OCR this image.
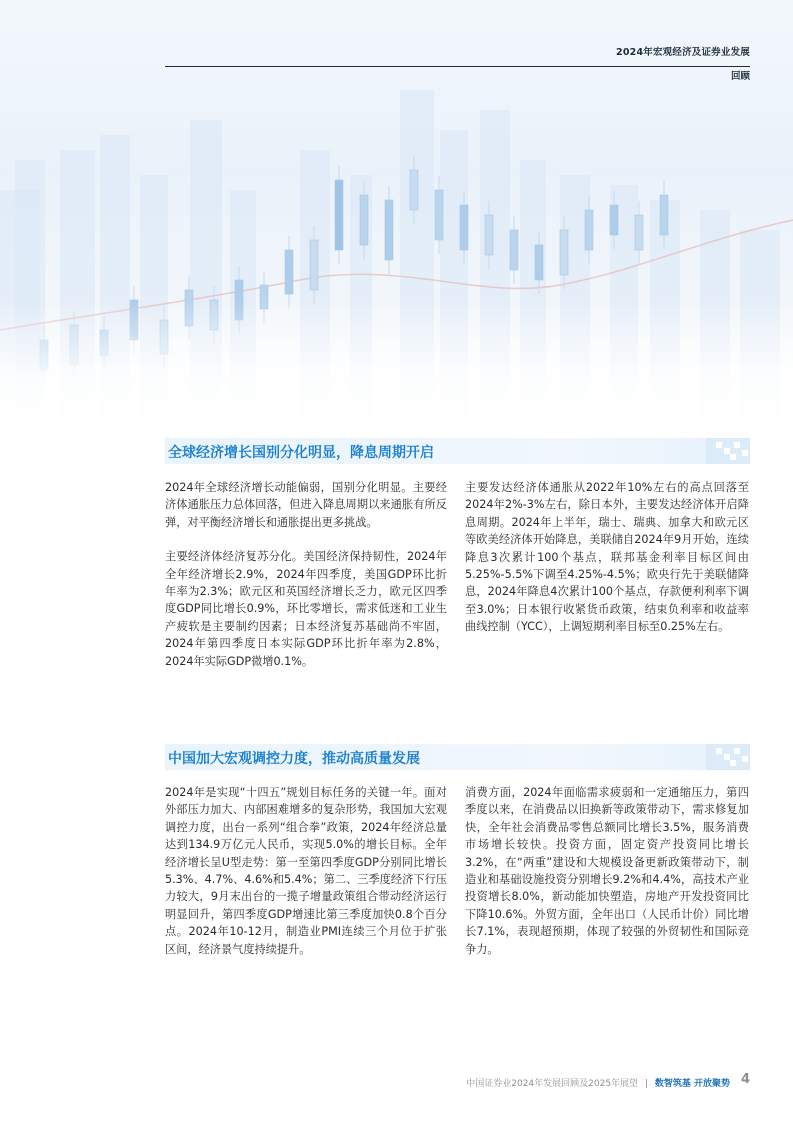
2024年宏观经济及证券业发展
回顾
全球经济增长国别分化明显，降息周期开启

2024年全球经济增长动能偏弱，国别分化明显。主要经济体通胀压力总体回落，但进入降息周期以来通胀有所反弹，对平衡经济增长和通胀提出更多挑战。

主要经济体经济复苏分化。美国经济保持韧性，2024年全年经济增长2.9%，2024年四季度，美国GDP环比折年率为2.3%；欧元区和英国经济增长乏力，欧元区四季度GDP同比增长0.9%，环比零增长，需求低迷和工业生产疲软是主要制约因素；日本经济复苏基础尚不牢固，2024年第四季度日本实际GDP环比折年率为2.8%，2024年实际GDP微增0.1%。

主要发达经济体通胀从2022年10%左右的高点回落至2024年2%-3%左右，除日本外，主要发达经济体开启降息周期。2024年上半年，瑞士、瑞典、加拿大和欧元区等欧美经济体开始降息，美联储自2024年9月开始，连续降息3次累计100个基点，联邦基金利率目标区间由5.25%-5.5%下调至4.25%-4.5%；欧央行先于美联储降息，2024年降息4次累计100个基点，存款便利利率下调至3.0%；日本银行收紧货币政策，结束负利率和收益率曲线控制（YCC），上调短期利率目标至0.25%左右。

中国加大宏观调控力度，推动高质量发展

2024年是实现“十四五”规划目标任务的关键一年。面对外部压力加大、内部困难增多的复杂形势，我国加大宏观调控力度，出台一系列“组合拳”政策，2024年经济总量达到134.9万亿元人民币，实现5.0%的增长目标。全年经济增长呈U型走势：第一至第四季度GDP分别同比增长5.3%、4.7%、4.6%和5.4%；第二、三季度经济下行压力较大，9月末出台的一揽子增量政策组合带动经济运行明显回升，第四季度GDP增速比第三季度加快0.8个百分点。2024年10-12月，制造业PMI连续三个月位于扩张区间，经济景气度持续提升。

消费方面，2024年面临需求疲弱和一定通缩压力，第四季度以来，在消费品以旧换新等政策带动下，需求修复加快，全年社会消费品零售总额同比增长3.5%，服务消费市场增长较快。投资方面，固定资产投资同比增长3.2%，在“两重”建设和大规模设备更新政策带动下，制造业和基础设施投资分别增长9.2%和4.4%，高技术产业投资增长8.0%，新动能加快塑造，房地产开发投资同比下降10.6%。外贸方面，全年出口（人民币计价）同比增长7.1%，表现超预期，体现了较强的外贸韧性和国际竞争力。

中国证券业2024年发展回顾及2025年展望 | 数智筑基 开放聚势 4
